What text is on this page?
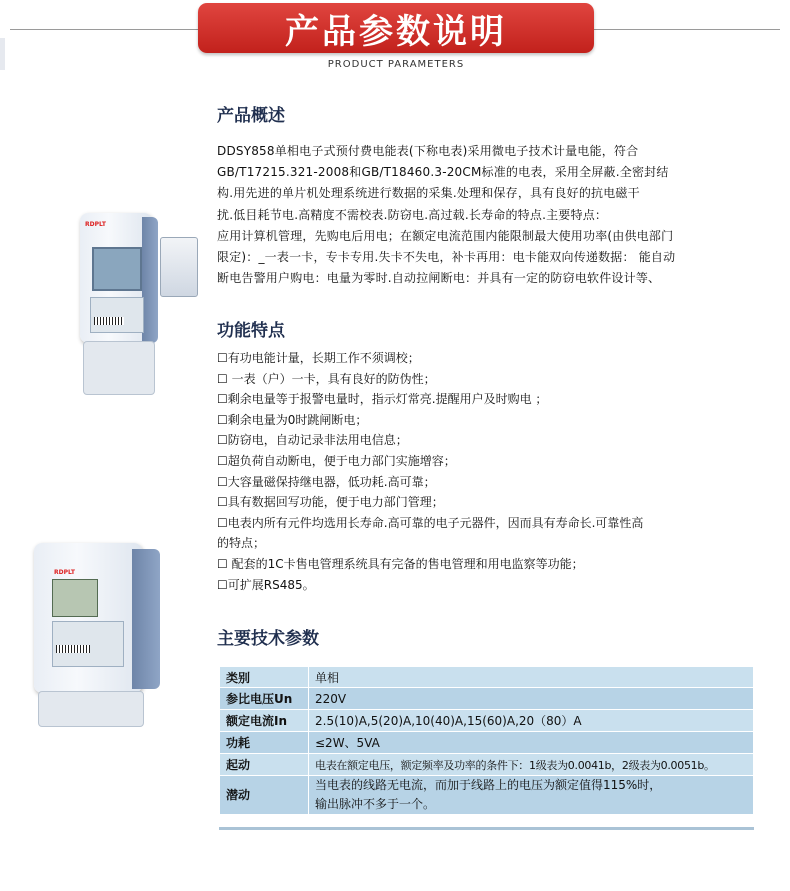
产品参数说明
PRODUCT PARAMETERS
RDPLT
RDPLT
产品概述
DDSY858单相电子式预付费电能表(下称电表)采用微电子技术计量电能，符合
GB/T17215.321-2008和GB/T18460.3-20CM标准的电表，采用全屏蔽.全密封结
构.用先进的单片机处理系统进行数据的采集.处理和保存，具有良好的抗电磁干
扰.低目耗节电.高精度不需校表.防窃电.高过载.长寿命的特点.主要特点：
应用计算机管理，先购电后用电；在额定电流范围内能限制最大使用功率(由供电部门
限定)：_一表一卡，专卡专用.失卡不失电，补卡再用：电卡能双向传递数据： 能自动
断电告警用户购电：电量为零时.自动拉闸断电：并具有一定的防窃电软件设计等、
功能特点
☐有功电能计量，长期工作不须调校；
☐ 一表（户）一卡，具有良好的防伪性；
☐剩余电量等于报警电量时，指示灯常亮.提醒用户及时购电 ；
☐剩余电量为0时跳闸断电；
☐防窃电，自动记录非法用电信息；
☐超负荷自动断电，便于电力部门实施增容；
☐大容量磁保持继电器，低功耗.高可靠；
☐具有数据回写功能，便于电力部门管理；
☐电表内所有元件均选用长寿命.高可靠的电子元器件，因而具有寿命长.可靠性高
的特点；
☐ 配套的1C卡售电管理系统具有完备的售电管理和用电监察等功能；
☐可扩展RS485。
主要技术参数
类别	单相
参比电压Un	220V
额定电流In	2.5(10)A,5(20)A,10(40)A,15(60)A,20（80）A
功耗	≤2W、5VA
起动	电表在额定电压，额定频率及功率的条件下：1级表为0.0041b，2级表为0.0051b。
潜动	当电表的线路无电流，而加于线路上的电压为额定值得115%时，
输出脉冲不多于一个。
